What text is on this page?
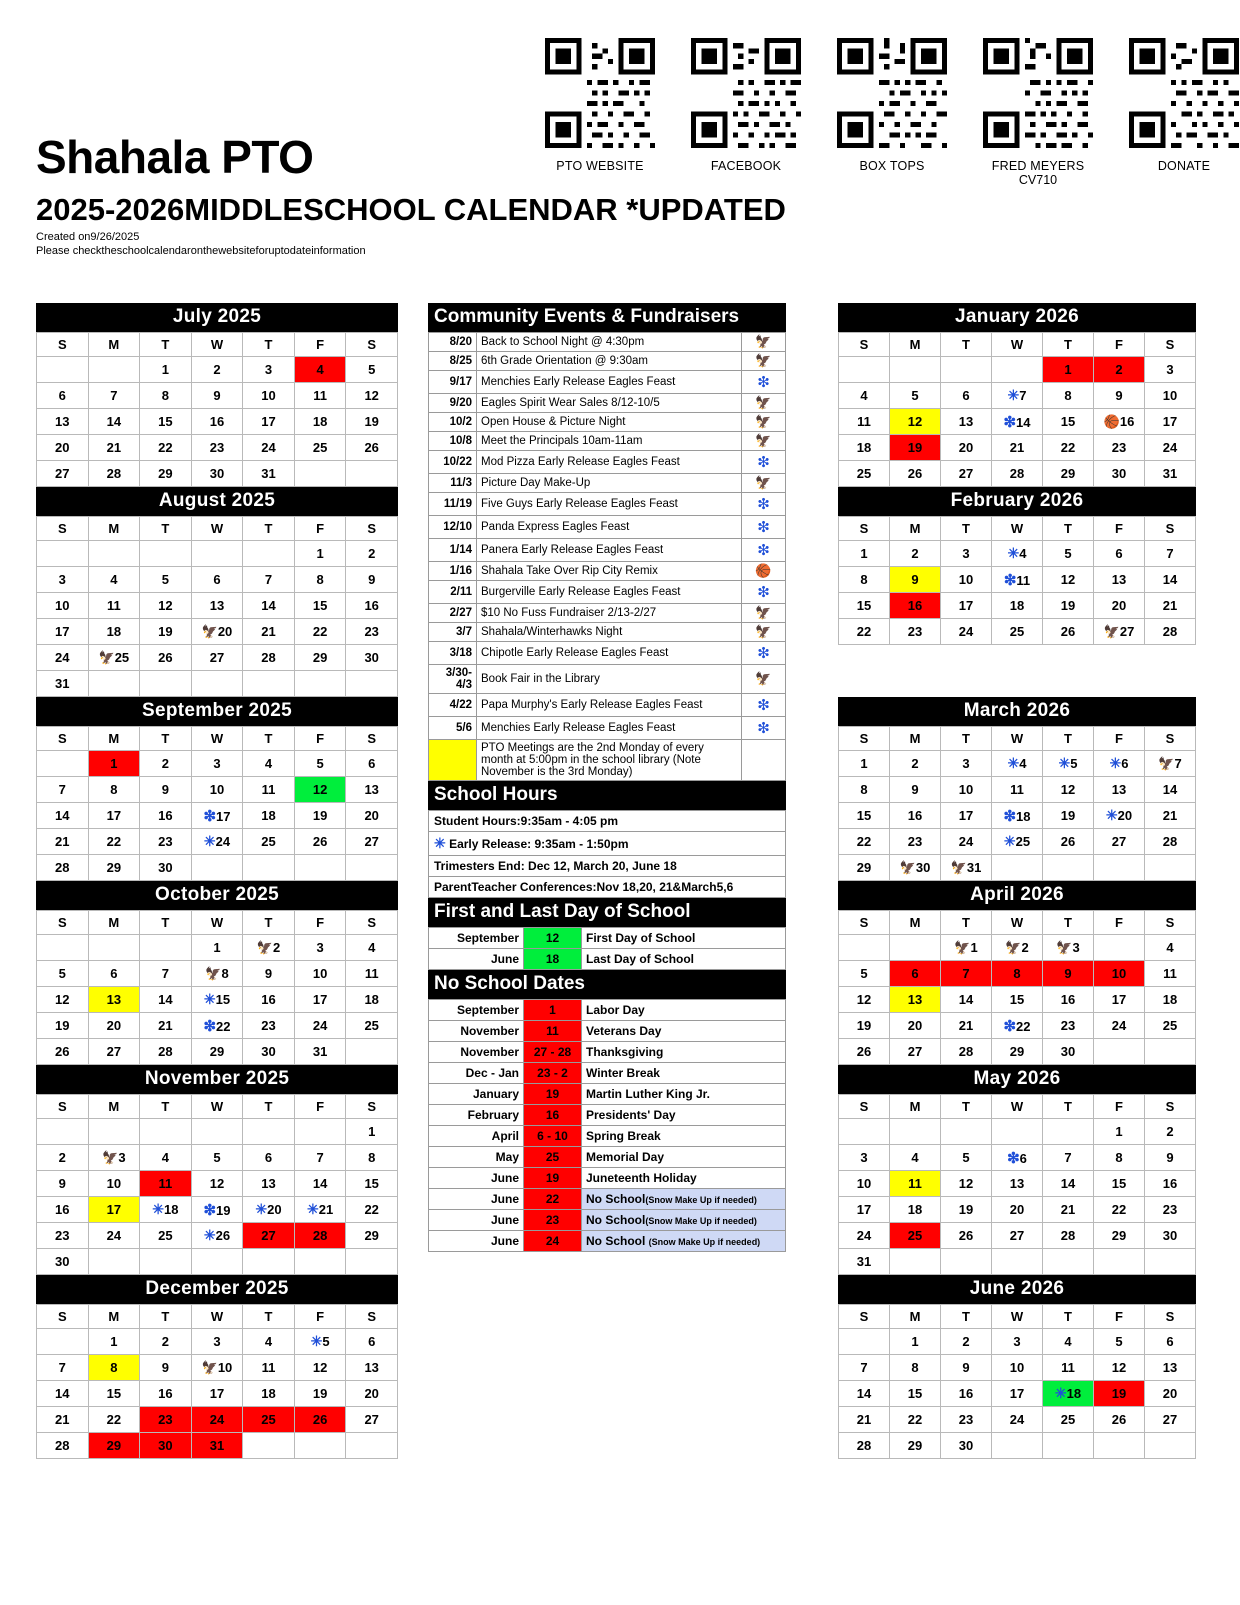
Shahala PTO
2025-2026MIDDLESCHOOL CALENDAR *UPDATED
Created on9/26/2025
Please checktheschoolcalendaronthewebsiteforuptodateinformation
PTO WEBSITE	FACEBOOK	BOX TOPS	FRED MEYERS
CV710
DONATE
July 2025
S	M	T	W	T	F	S
		1	2	3	4	5
6	7	8	9	10	11	12
13	14	15	16	17	18	19
20	21	22	23	24	25	26
27	28	29	30	31		
August 2025
S	M	T	W	T	F	S
					1	2
3	4	5	6	7	8	9
10	11	12	13	14	15	16
17	18	19	🦅20	21	22	23
24	🦅25	26	27	28	29	30
31						
September 2025
S	M	T	W	T	F	S
	1	2	3	4	5	6
7	8	9	10	11	12	13
14	17	16	❇17	18	19	20
21	22	23	✳24	25	26	27
28	29	30				
October 2025
S	M	T	W	T	F	S
			1	🦅2	3	4
5	6	7	🦅8	9	10	11
12	13	14	✳15	16	17	18
19	20	21	❇22	23	24	25
26	27	28	29	30	31	
November 2025
S	M	T	W	T	F	S
						1
2	🦅3	4	5	6	7	8
9	10	11	12	13	14	15
16	17	✳18	❇19	✳20	✳21	22
23	24	25	✳26	27	28	29
30						
December 2025
S	M	T	W	T	F	S
	1	2	3	4	✳5	6
7	8	9	🦅10	11	12	13
14	15	16	17	18	19	20
21	22	23	24	25	26	27
28	29	30	31			
Community Events & Fundraisers
8/20	Back to School Night @ 4:30pm	🦅
8/25	6th Grade Orientation @ 9:30am	🦅
9/17	Menchies Early Release Eagles Feast	❇
9/20	Eagles Spirit Wear Sales 8/12-10/5	🦅
10/2	Open House & Picture Night	🦅
10/8	Meet the Principals 10am-11am	🦅
10/22	Mod Pizza Early Release Eagles Feast	❇
11/3	Picture Day Make-Up	🦅
11/19	Five Guys Early Release Eagles Feast	❇
12/10	Panda Express Eagles Feast	❇
1/14	Panera Early Release Eagles Feast	❇
1/16	Shahala Take Over Rip City Remix	🏀
2/11	Burgerville Early Release Eagles Feast	❇
2/27	$10 No Fuss Fundraiser 2/13-2/27	🦅
3/7	Shahala/Winterhawks Night	🦅
3/18	Chipotle Early Release Eagles Feast	❇
3/30-4/3	Book Fair in the Library	🦅
4/22	Papa Murphy's Early Release Eagles Feast	❇
5/6	Menchies Early Release Eagles Feast	❇
	PTO Meetings are the 2nd Monday of every month at 5:00pm in the school library (Note November is the 3rd Monday)	
School Hours
Student Hours:9:35am - 4:05 pm
✳ Early Release: 9:35am - 1:50pm
Trimesters End: Dec 12, March 20, June 18
ParentTeacher Conferences:Nov 18,20, 21&March5,6
First and Last Day of School
September	12	First Day of School
June	18	Last Day of School
No School Dates
September	1	Labor Day
November	11	Veterans Day
November	27 - 28	Thanksgiving
Dec - Jan	23 - 2	Winter Break
January	19	Martin Luther King Jr.
February	16	Presidents' Day
April	6 - 10	Spring Break
May	25	Memorial Day
June	19	Juneteenth Holiday
June	22	No School(Snow Make Up if needed)
June	23	No School(Snow Make Up if needed)
June	24	No School (Snow Make Up if needed)
January 2026
S	M	T	W	T	F	S
				1	2	3
4	5	6	✳7	8	9	10
11	12	13	❇14	15	🏀16	17
18	19	20	21	22	23	24
25	26	27	28	29	30	31
February 2026
S	M	T	W	T	F	S
1	2	3	✳4	5	6	7
8	9	10	❇11	12	13	14
15	16	17	18	19	20	21
22	23	24	25	26	🦅27	28
March 2026
S	M	T	W	T	F	S
1	2	3	✳4	✳5	✳6	🦅7
8	9	10	11	12	13	14
15	16	17	❇18	19	✳20	21
22	23	24	✳25	26	27	28
29	🦅30	🦅31				
April 2026
S	M	T	W	T	F	S
		🦅1	🦅2	🦅3		4
5	6	7	8	9	10	11
12	13	14	15	16	17	18
19	20	21	❇22	23	24	25
26	27	28	29	30		
May 2026
S	M	T	W	T	F	S
					1	2
3	4	5	❇6	7	8	9
10	11	12	13	14	15	16
17	18	19	20	21	22	23
24	25	26	27	28	29	30
31						
June 2026
S	M	T	W	T	F	S
	1	2	3	4	5	6
7	8	9	10	11	12	13
14	15	16	17	✳18	19	20
21	22	23	24	25	26	27
28	29	30				
